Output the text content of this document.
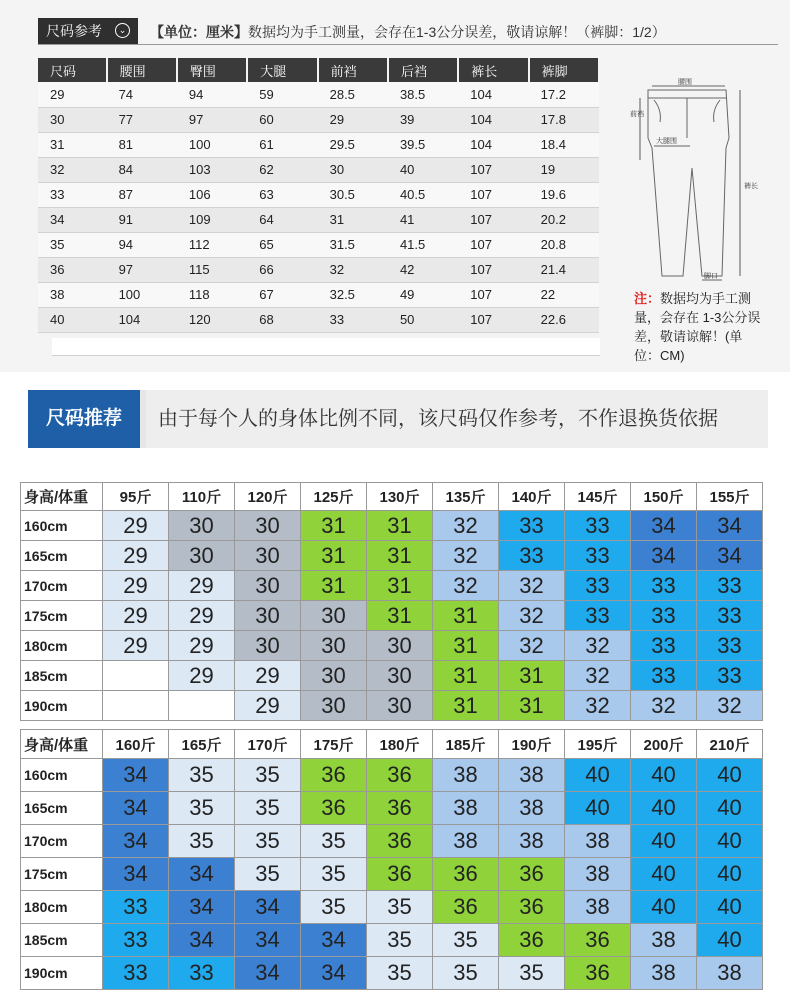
尺码参考	⌄ 【单位：厘米】数据均为手工测量，会存在1-3公分误差，敬请谅解！（裤脚：1/2）
尺码	腰围	臀围	大腿	前裆	后裆	裤长	裤脚
29	74	94	59	28.5	38.5	104	17.2
30	77	97	60	29	39	104	17.8
31	81	100	61	29.5	39.5	104	18.4
32	84	103	62	30	40	107	19
33	87	106	63	30.5	40.5	107	19.6
34	91	109	64	31	41	107	20.2
35	94	112	65	31.5	41.5	107	20.8
36	97	115	66	32	42	107	21.4
38	100	118	67	32.5	49	107	22
40	104	120	68	33	50	107	22.6
腰围
前裆
大腿围
裤长
脚口
注：数据均为手工测量，会存在 1-3公分误差，敬请谅解！(单位：CM)
尺码推荐	由于每个人的身体比例不同，该尺码仅作参考，不作退换货依据
身高/体重	95斤	110斤	120斤	125斤	130斤	135斤	140斤	145斤	150斤	155斤
160cm	29	30	30	31	31	32	33	33	34	34
165cm	29	30	30	31	31	32	33	33	34	34
170cm	29	29	30	31	31	32	32	33	33	33
175cm	29	29	30	30	31	31	32	33	33	33
180cm	29	29	30	30	30	31	32	32	33	33
185cm		29	29	30	30	31	31	32	33	33
190cm			29	30	30	31	31	32	32	32
身高/体重	160斤	165斤	170斤	175斤	180斤	185斤	190斤	195斤	200斤	210斤
160cm	34	35	35	36	36	38	38	40	40	40
165cm	34	35	35	36	36	38	38	40	40	40
170cm	34	35	35	35	36	38	38	38	40	40
175cm	34	34	35	35	36	36	36	38	40	40
180cm	33	34	34	35	35	36	36	38	40	40
185cm	33	34	34	34	35	35	36	36	38	40
190cm	33	33	34	34	35	35	35	36	38	38
